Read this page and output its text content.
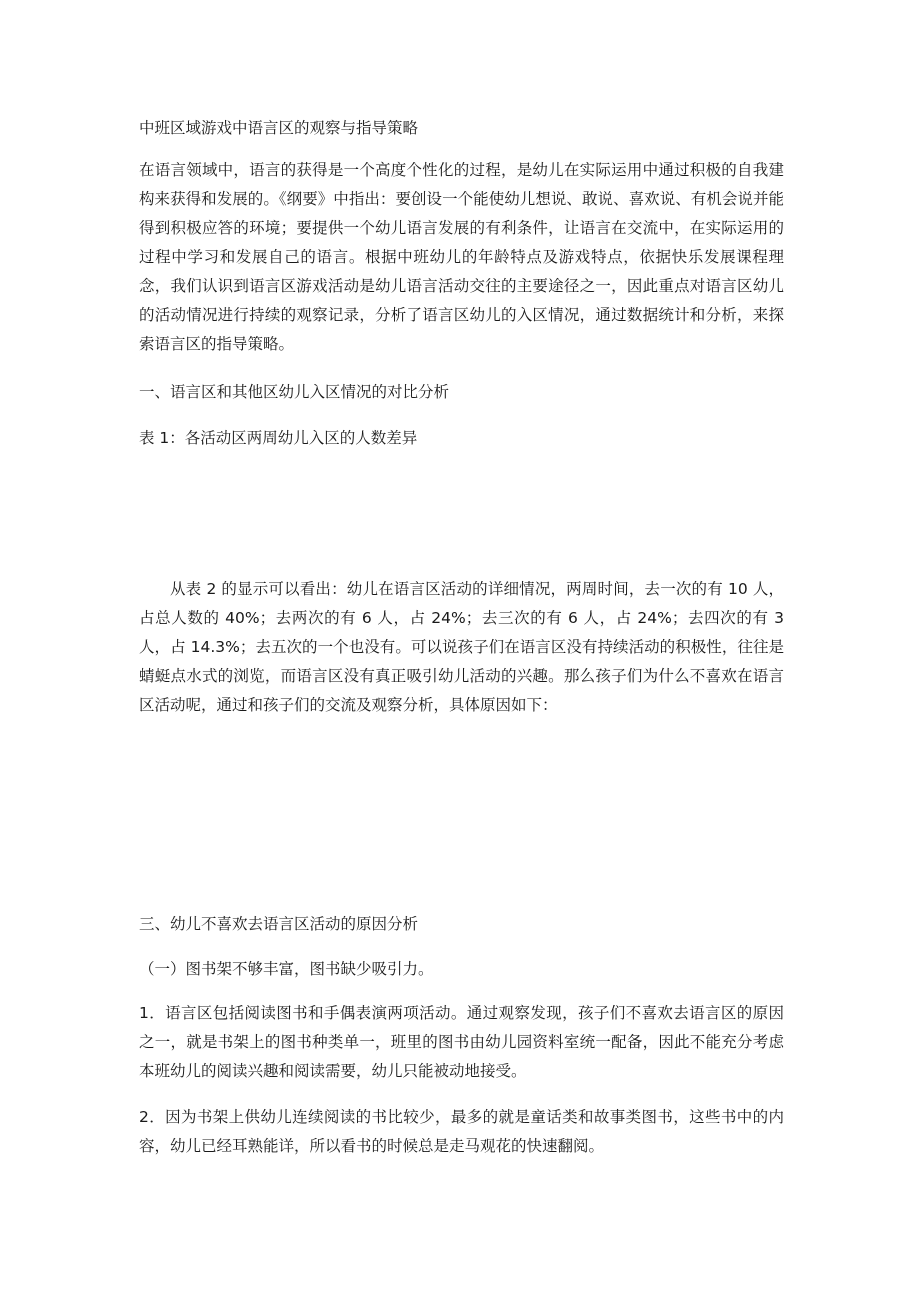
中班区域游戏中语言区的观察与指导策略

在语言领域中，语言的获得是一个高度个性化的过程，是幼儿在实际运用中通过积极的自我建构来获得和发展的。《纲要》中指出：要创设一个能使幼儿想说、敢说、喜欢说、有机会说并能得到积极应答的环境；要提供一个幼儿语言发展的有利条件，让语言在交流中，在实际运用的过程中学习和发展自己的语言。根据中班幼儿的年龄特点及游戏特点，依据快乐发展课程理念，我们认识到语言区游戏活动是幼儿语言活动交往的主要途径之一，因此重点对语言区幼儿的活动情况进行持续的观察记录，分析了语言区幼儿的入区情况，通过数据统计和分析，来探索语言区的指导策略。

一、语言区和其他区幼儿入区情况的对比分析

表 1：各活动区两周幼儿入区的人数差异

从表 2 的显示可以看出：幼儿在语言区活动的详细情况，两周时间，去一次的有 10 人，占总人数的 40%；去两次的有 6 人，占 24%；去三次的有 6 人，占 24%；去四次的有 3 人，占 14.3%；去五次的一个也没有。可以说孩子们在语言区没有持续活动的积极性，往往是蜻蜓点水式的浏览，而语言区没有真正吸引幼儿活动的兴趣。那么孩子们为什么不喜欢在语言区活动呢，通过和孩子们的交流及观察分析，具体原因如下：

三、幼儿不喜欢去语言区活动的原因分析

（一）图书架不够丰富，图书缺少吸引力。

1．语言区包括阅读图书和手偶表演两项活动。通过观察发现，孩子们不喜欢去语言区的原因之一，就是书架上的图书种类单一，班里的图书由幼儿园资料室统一配备，因此不能充分考虑本班幼儿的阅读兴趣和阅读需要，幼儿只能被动地接受。

2．因为书架上供幼儿连续阅读的书比较少，最多的就是童话类和故事类图书，这些书中的内容，幼儿已经耳熟能详，所以看书的时候总是走马观花的快速翻阅。
